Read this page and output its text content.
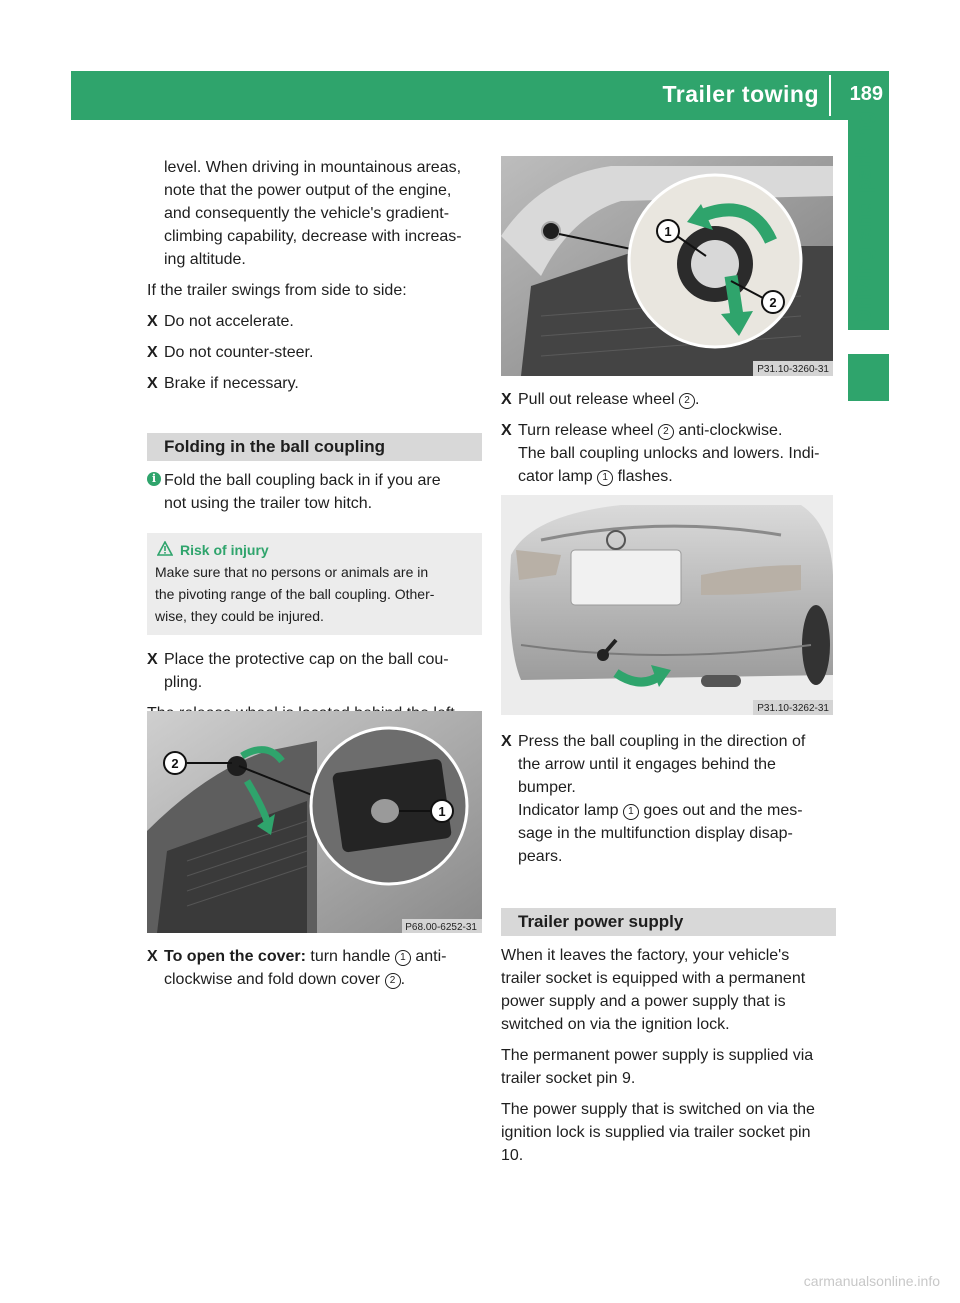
Trailer towing 189
Driving and parking

level. When driving in mountainous areas,

note that the power output of the engine,

and consequently the vehicle's gradient-

climbing capability, decrease with increas-

ing altitude.

If the trailer swings from side to side:

X Do not accelerate.
X Do not counter-steer.
X Brake if necessary.
Folding in the ball coupling
i Fold the ball coupling back in if you are

not using the trailer tow hitch.

Risk of injury

Make sure that no persons or animals are in

the pivoting range of the ball coupling. Other-

wise, they could be injured.

X Place the protective cap on the ball cou-

pling.

2
1
P68.00-6252-31
X To open the cover: turn handle 1 anti-

clockwise and fold down cover 2 .

1
2
P31.10-3260-31
X Pull out release wheel 2 .

X Turn release wheel 2 anti-clockwise.

The ball coupling unlocks and lowers. Indi-

cator lamp 1 flashes.

P31.10-3262-31
X Press the ball coupling in the direction of

the arrow until it engages behind the

bumper.

Indicator lamp 1 goes out and the mes-

sage in the multifunction display disap-

pears.

Trailer power supply

When it leaves the factory, your vehicle's

trailer socket is equipped with a permanent

power supply and a power supply that is

switched on via the ignition lock.

The permanent power supply is supplied via

trailer socket pin 9.

The power supply that is switched on via the

ignition lock is supplied via trailer socket pin

10.

carmanualsonline.info
